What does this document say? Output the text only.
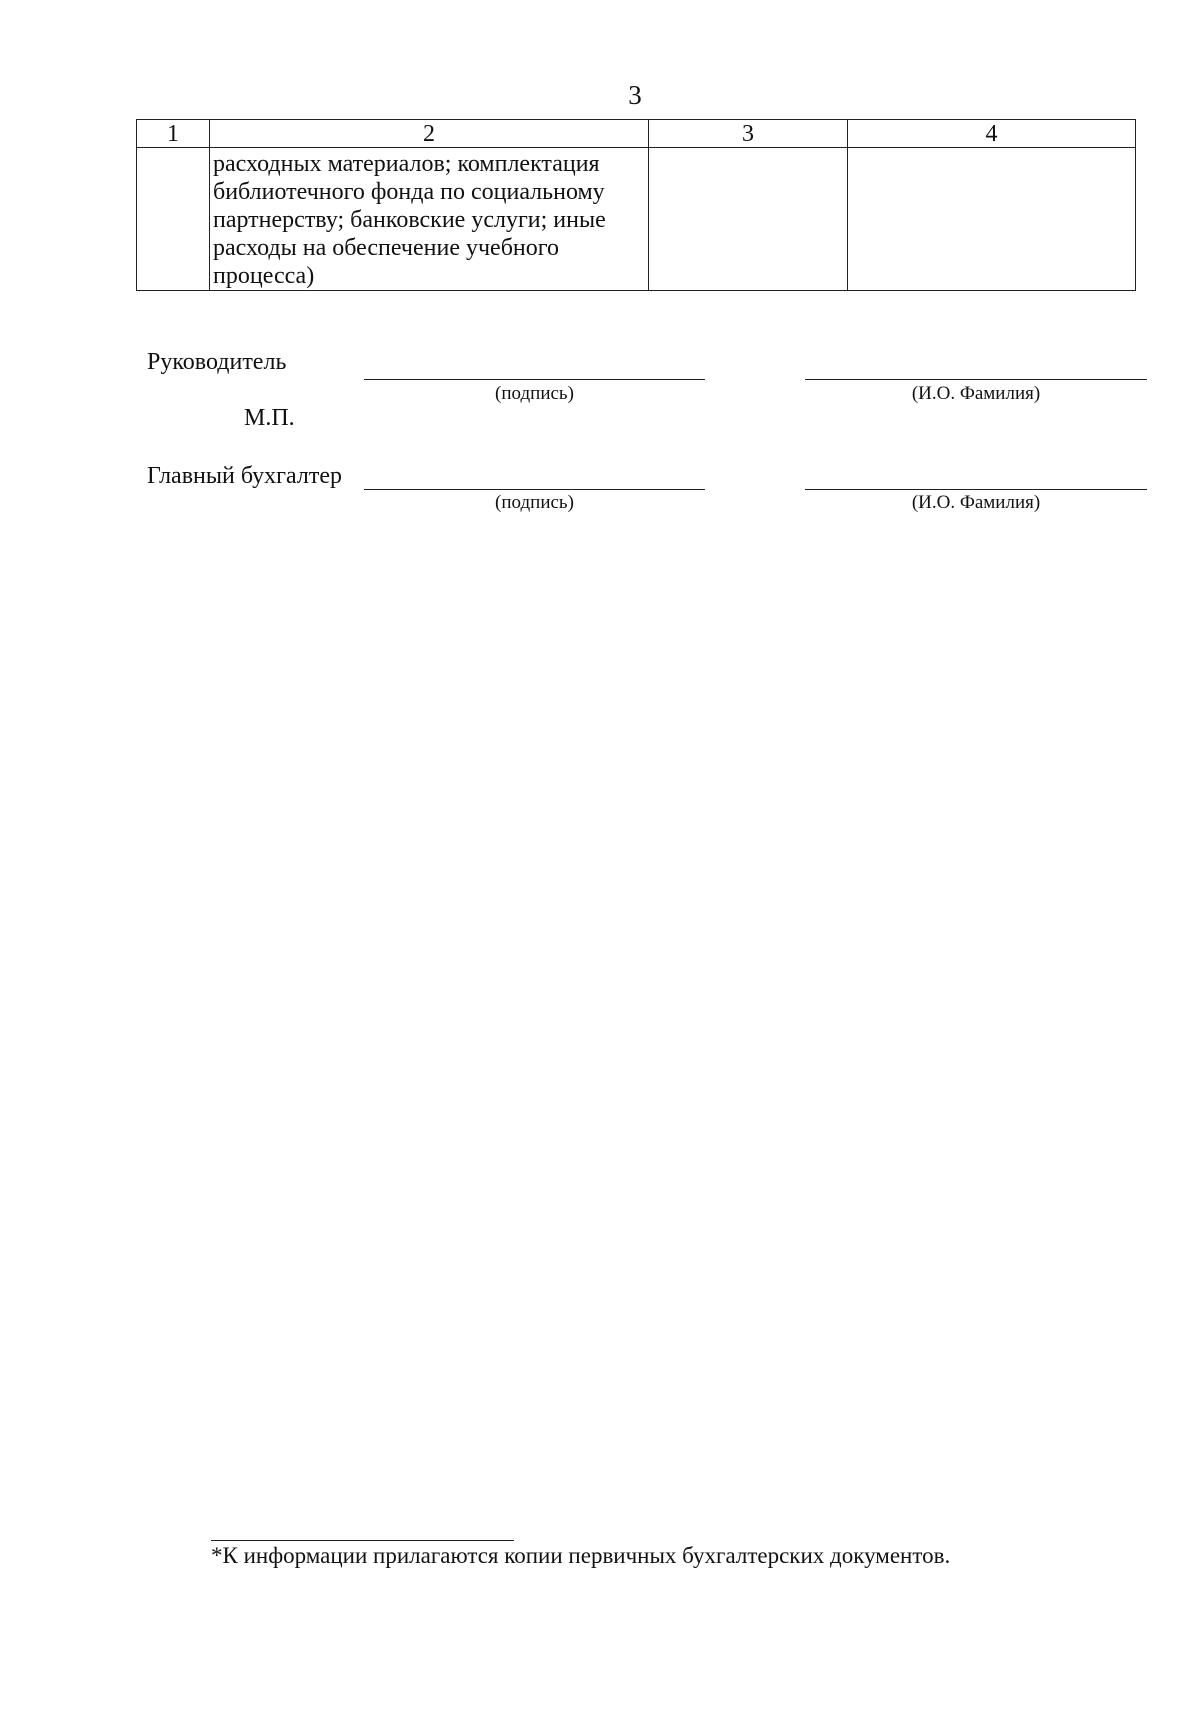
3
1	2	3	4

	расходных материалов; комплектация
библиотечного фонда по социальному
партнерству; банковские услуги; иные
расходы на обеспечение учебного
процесса)		

Руководитель
(подпись)	(И.О. Фамилия)
М.П.
Главный бухгалтер
(подпись)	(И.О. Фамилия)
*К информации прилагаются копии первичных бухгалтерских документов.
